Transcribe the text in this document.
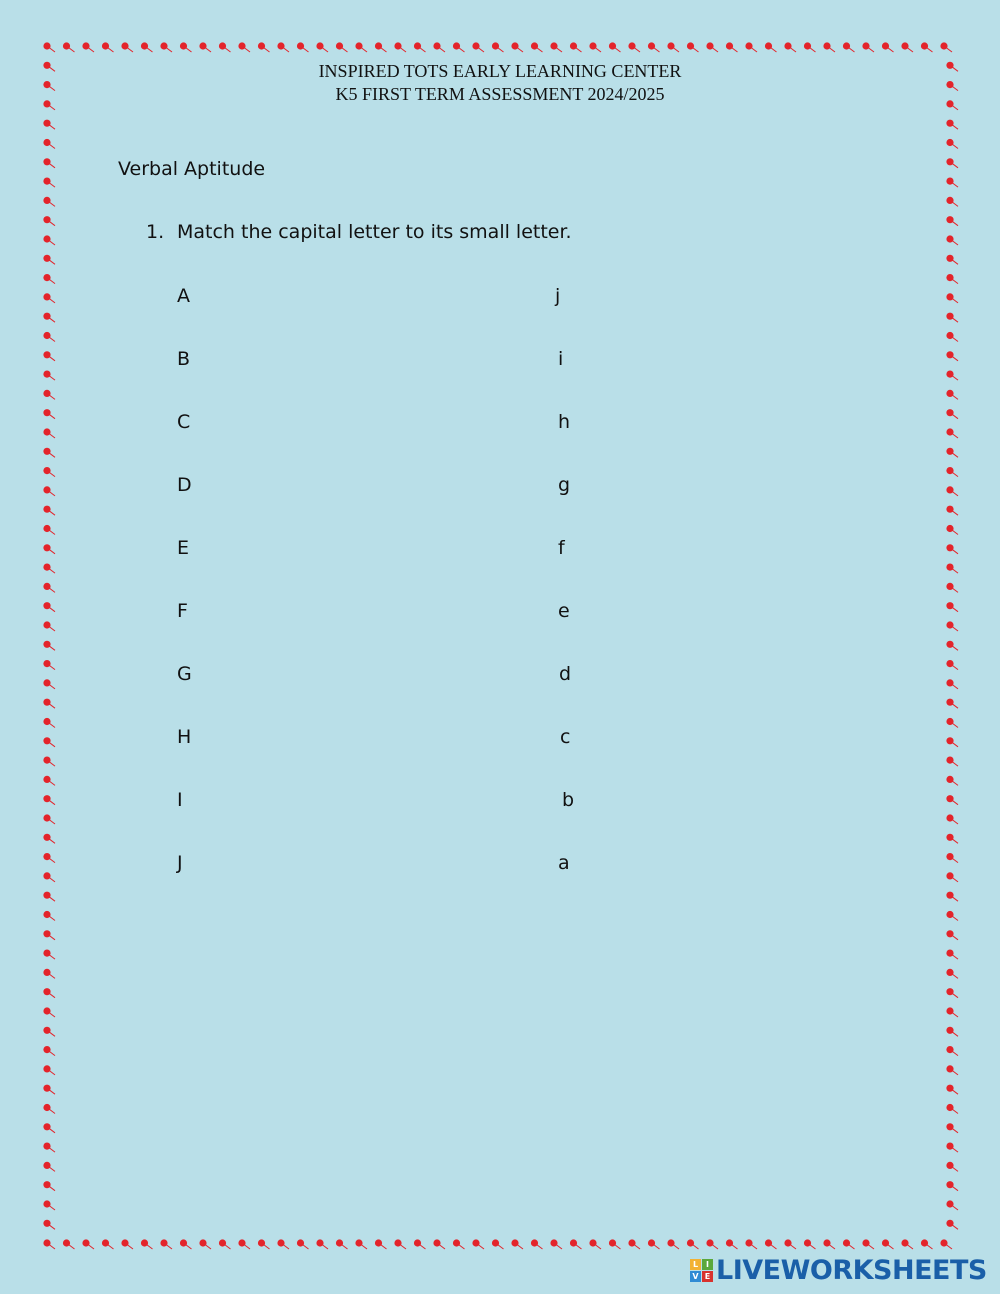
INSPIRED TOTS EARLY LEARNING CENTER
K5 FIRST TERM ASSESSMENT 2024/2025
Verbal Aptitude
1. Match the capital letter to its small letter.
A
B
C
D
E
F
G
H
I
J
j
i
h
g
f
e
d
c
b
a
L I
V E LIVEWORKSHEETS
